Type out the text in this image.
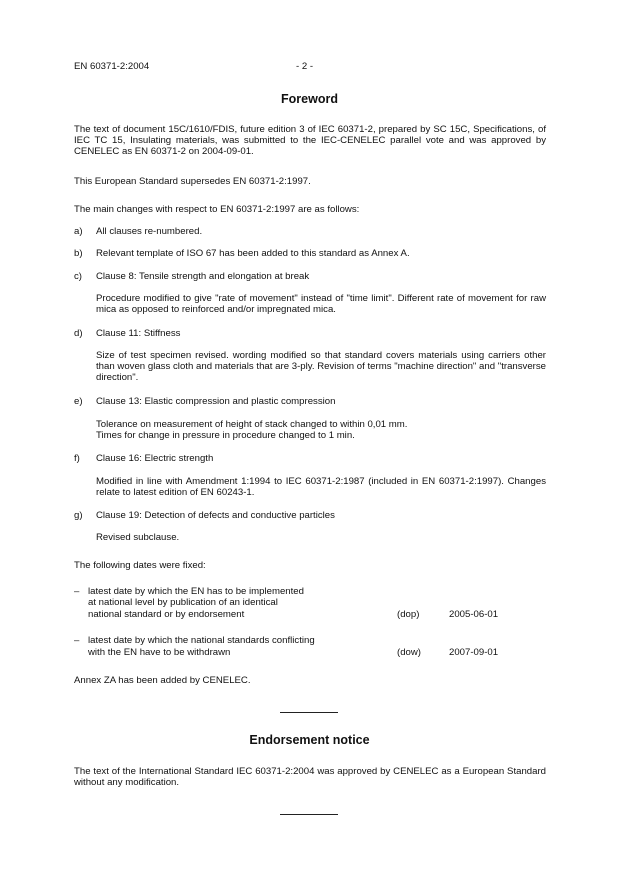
EN 60371-2:2004	- 2 -
Foreword
The text of document 15C/1610/FDIS, future edition 3 of IEC 60371-2, prepared by SC 15C, Specifications, of IEC TC 15, Insulating materials, was submitted to the IEC-CENELEC parallel vote and was approved by CENELEC as EN 60371-2 on 2004-09-01.
This European Standard supersedes EN 60371-2:1997.
The main changes with respect to EN 60371-2:1997 are as follows:
a) All clauses re-numbered.
b) Relevant template of ISO 67 has been added to this standard as Annex A.
c) Clause 8: Tensile strength and elongation at break
Procedure modified to give "rate of movement" instead of "time limit". Different rate of movement for raw mica as opposed to reinforced and/or impregnated mica.
d) Clause 11: Stiffness
Size of test specimen revised. wording modified so that standard covers materials using carriers other than woven glass cloth and materials that are 3-ply. Revision of terms "machine direction" and "transverse direction".
e) Clause 13: Elastic compression and plastic compression
Tolerance on measurement of height of stack changed to within 0,01 mm.
Times for change in pressure in procedure changed to 1 min.
f) Clause 16: Electric strength
Modified in line with Amendment 1:1994 to IEC 60371-2:1987 (included in EN 60371-2:1997). Changes relate to latest edition of EN 60243-1.
g) Clause 19: Detection of defects and conductive particles
Revised subclause.
The following dates were fixed:
– latest date by which the EN has to be implemented
at national level by publication of an identical
national standard or by endorsement	(dop)	2005-06-01
– latest date by which the national standards conflicting
with the EN have to be withdrawn	(dow)	2007-09-01
Annex ZA has been added by CENELEC.
Endorsement notice
The text of the International Standard IEC 60371-2:2004 was approved by CENELEC as a European Standard without any modification.
